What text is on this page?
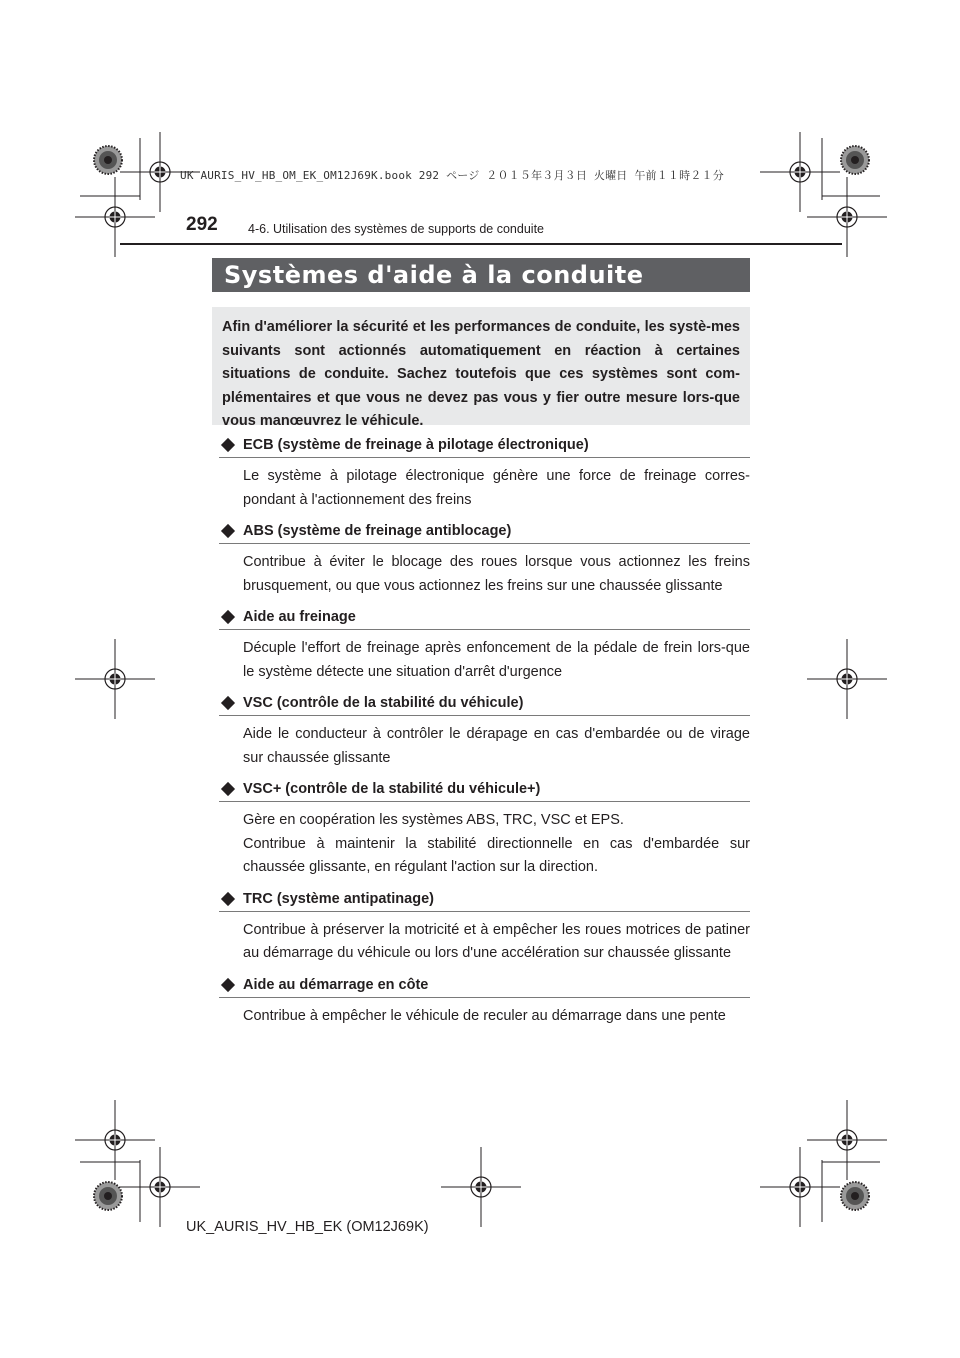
UK AURIS_HV_HB_OM_EK_OM12J69K.book 292 ページ ２０１５年３月３日 火曜日 午前１１時２１分
292 4-6. Utilisation des systèmes de supports de conduite
Systèmes d'aide à la conduite

Afin d'améliorer la sécurité et les performances de conduite, les systè-mes suivants sont actionnés automatiquement en réaction à certaines situations de conduite. Sachez toutefois que ces systèmes sont com-plémentaires et que vous ne devez pas vous y fier outre mesure lors-que vous manœuvrez le véhicule.

ECB (système de freinage à pilotage électronique)

Le système à pilotage électronique génère une force de freinage corres-pondant à l'actionnement des freins

ABS (système de freinage antiblocage)

Contribue à éviter le blocage des roues lorsque vous actionnez les freins brusquement, ou que vous actionnez les freins sur une chaussée glissante

Aide au freinage

Décuple l'effort de freinage après enfoncement de la pédale de frein lors-que le système détecte une situation d'arrêt d'urgence

VSC (contrôle de la stabilité du véhicule)

Aide le conducteur à contrôler le dérapage en cas d'embardée ou de virage sur chaussée glissante

VSC+ (contrôle de la stabilité du véhicule+)

Gère en coopération les systèmes ABS, TRC, VSC et EPS.

Contribue à maintenir la stabilité directionnelle en cas d'embardée sur chaussée glissante, en régulant l'action sur la direction.

TRC (système antipatinage)

Contribue à préserver la motricité et à empêcher les roues motrices de patiner au démarrage du véhicule ou lors d'une accélération sur chaussée glissante

Aide au démarrage en côte

Contribue à empêcher le véhicule de reculer au démarrage dans une pente

UK_AURIS_HV_HB_EK (OM12J69K)
